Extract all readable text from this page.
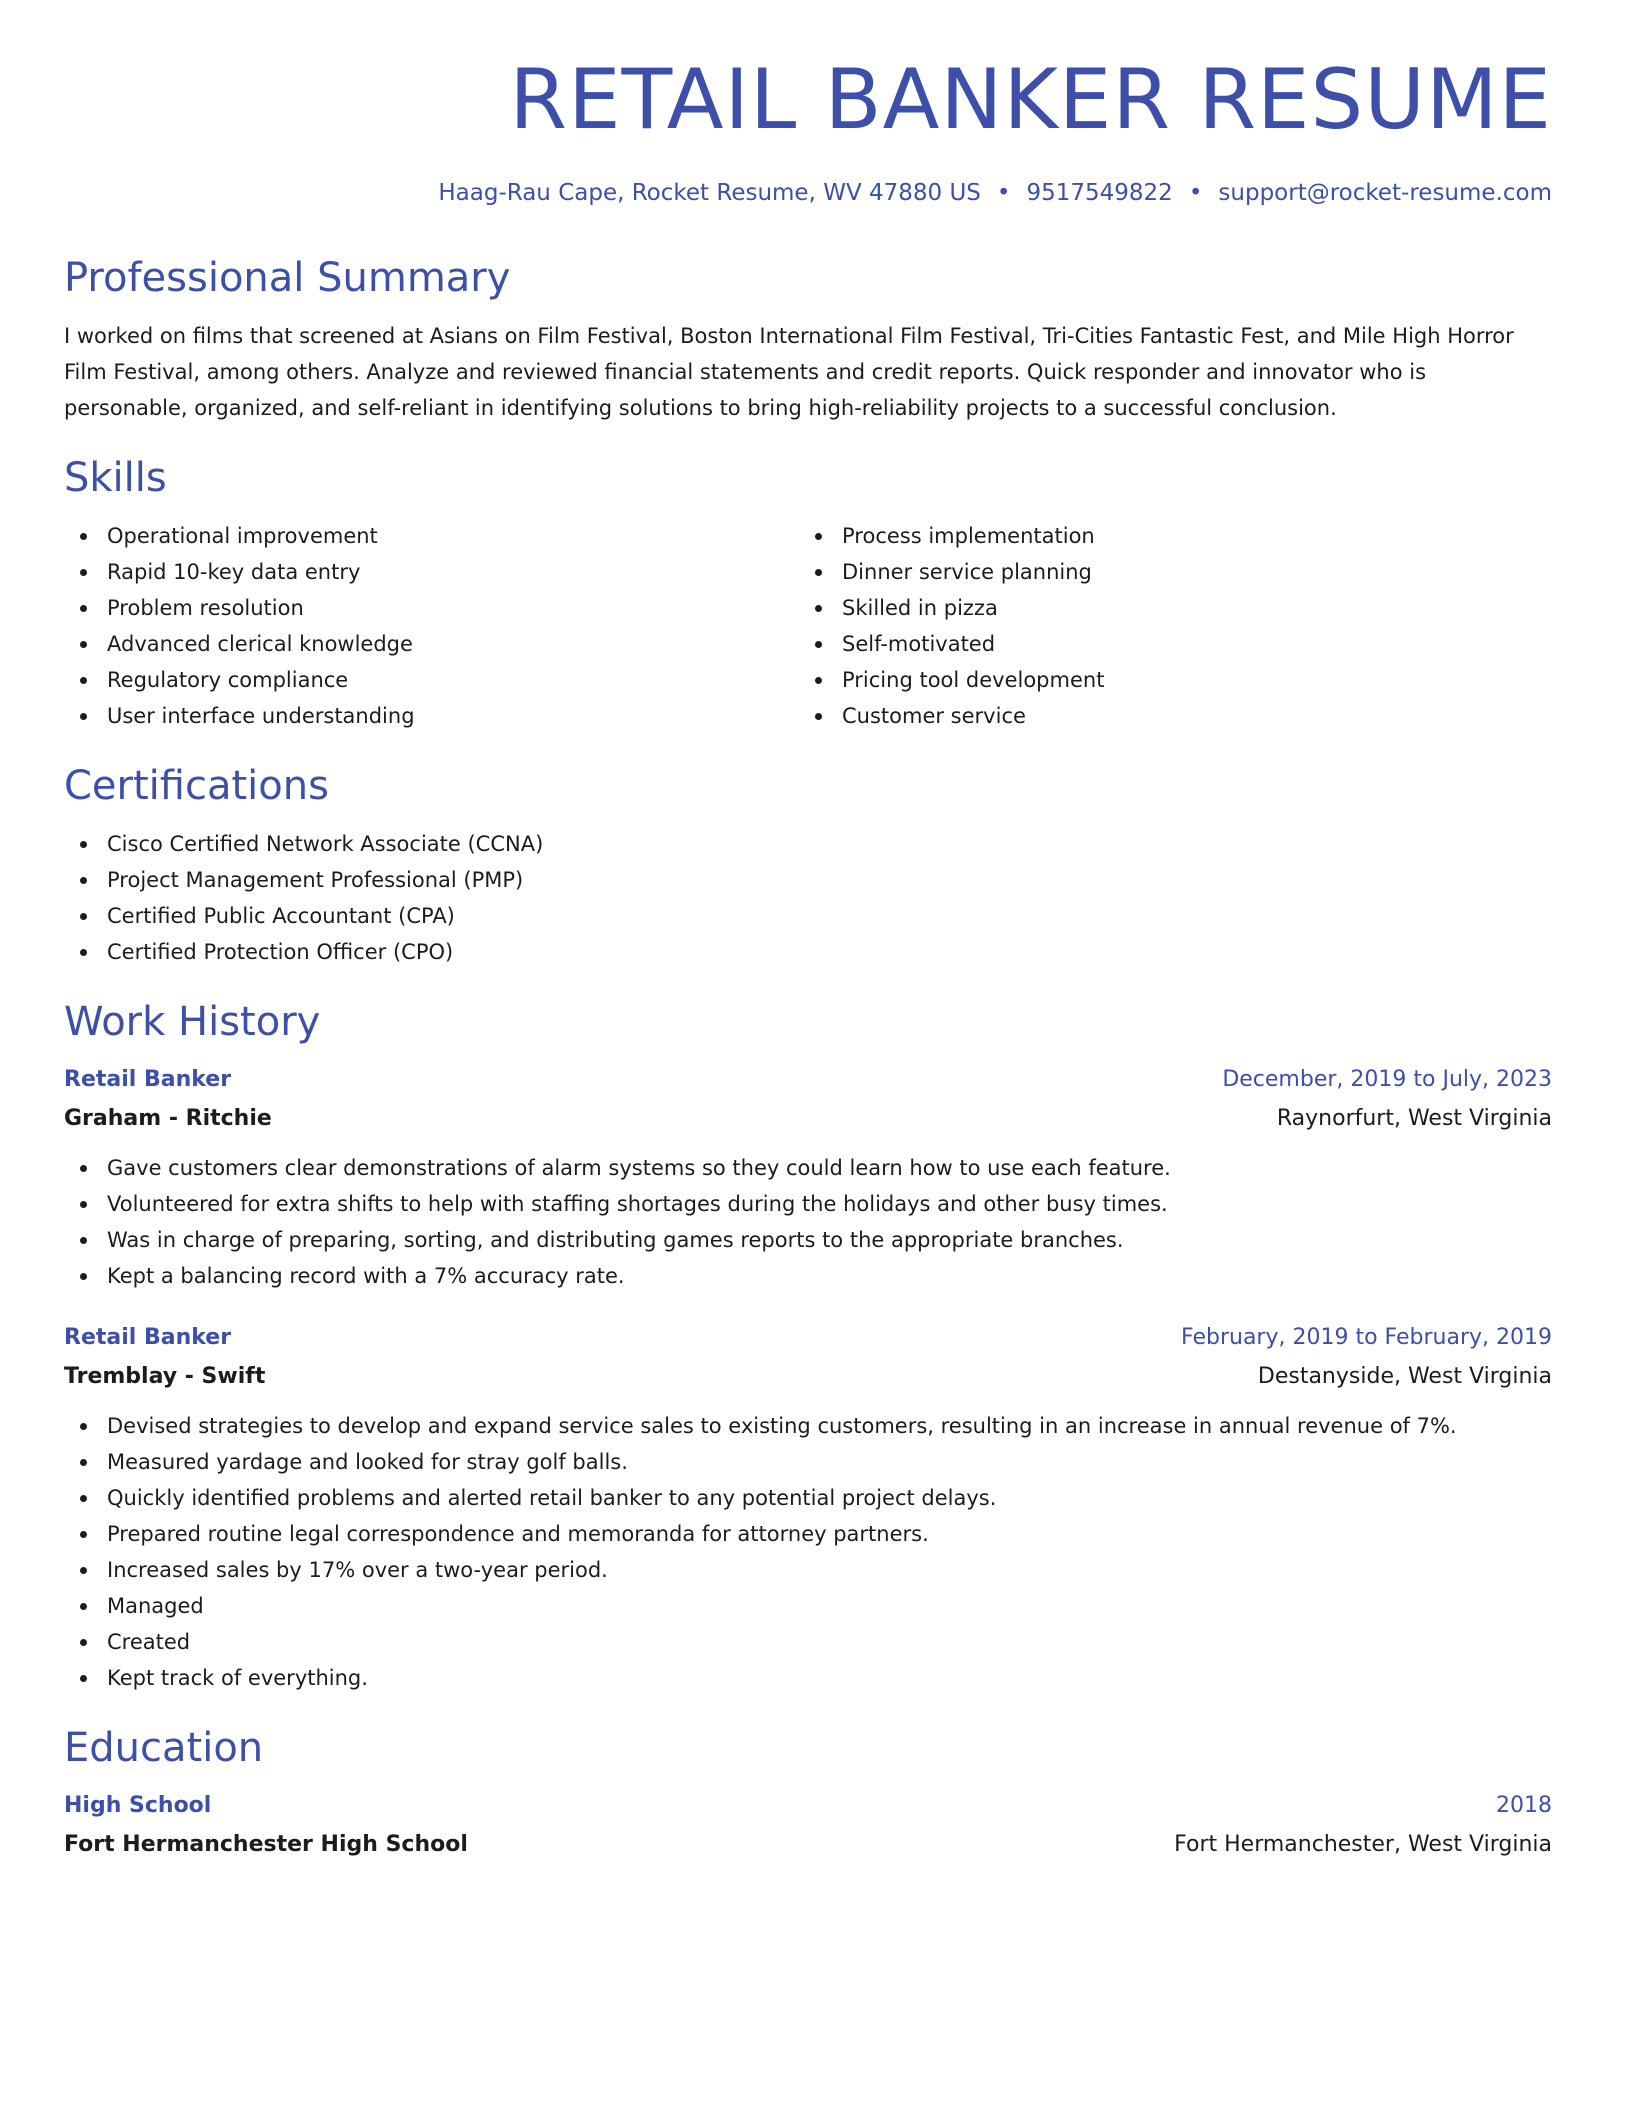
RETAIL BANKER RESUME
Haag-Rau Cape, Rocket Resume, WV 47880 US • 9517549822 • support@rocket-resume.com
Professional Summary

I worked on films that screened at Asians on Film Festival, Boston International Film Festival, Tri-Cities Fantastic Fest, and Mile High Horror Film Festival, among others. Analyze and reviewed financial statements and credit reports. Quick responder and innovator who is personable, organized, and self-reliant in identifying solutions to bring high-reliability projects to a successful conclusion.

Skills
Operational improvement
Rapid 10-key data entry
Problem resolution
Advanced clerical knowledge
Regulatory compliance
User interface understanding
Process implementation
Dinner service planning
Skilled in pizza
Self-motivated
Pricing tool development
Customer service
Certifications
Cisco Certified Network Associate (CCNA)
Project Management Professional (PMP)
Certified Public Accountant (CPA)
Certified Protection Officer (CPO)
Work History
Retail Banker	December, 2019 to July, 2023
Graham - Ritchie	Raynorfurt, West Virginia
Gave customers clear demonstrations of alarm systems so they could learn how to use each feature.
Volunteered for extra shifts to help with staffing shortages during the holidays and other busy times.
Was in charge of preparing, sorting, and distributing games reports to the appropriate branches.
Kept a balancing record with a 7% accuracy rate.
Retail Banker	February, 2019 to February, 2019
Tremblay - Swift	Destanyside, West Virginia
Devised strategies to develop and expand service sales to existing customers, resulting in an increase in annual revenue of 7%.
Measured yardage and looked for stray golf balls.
Quickly identified problems and alerted retail banker to any potential project delays.
Prepared routine legal correspondence and memoranda for attorney partners.
Increased sales by 17% over a two-year period.
Managed
Created
Kept track of everything.
Education
High School	2018
Fort Hermanchester High School	Fort Hermanchester, West Virginia
